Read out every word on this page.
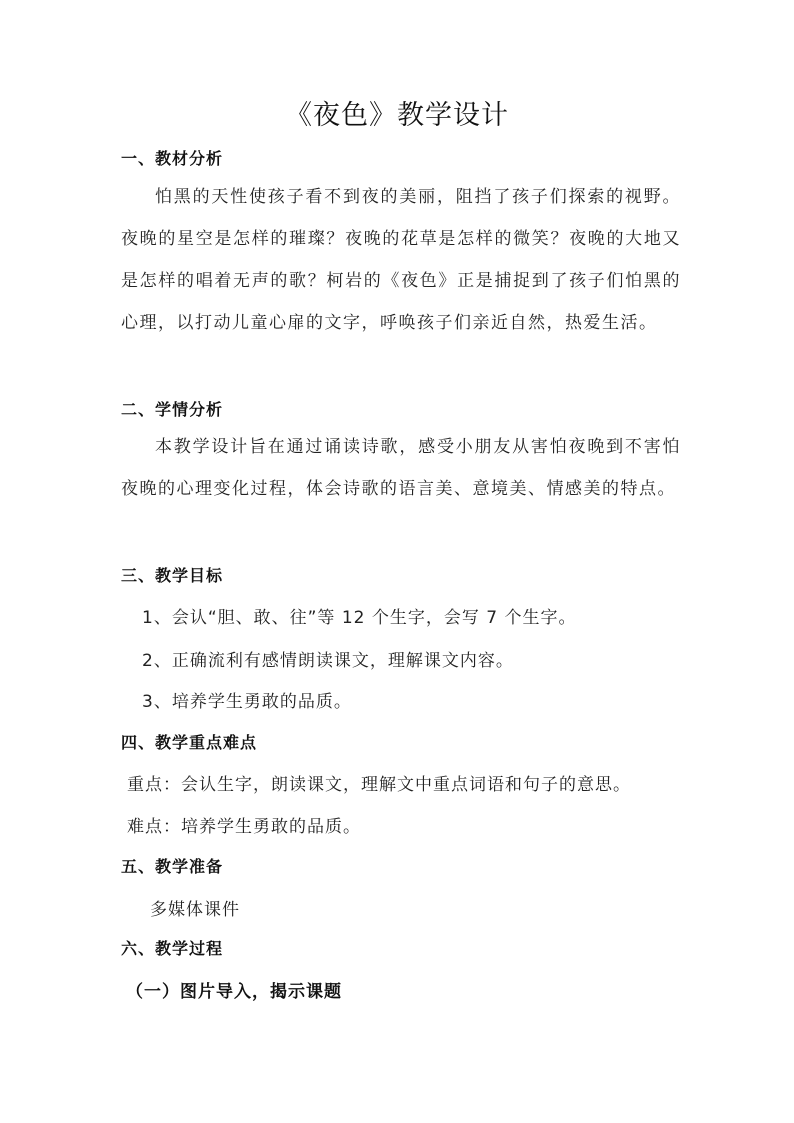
《夜色》教学设计
一、教材分析
怕黑的天性使孩子看不到夜的美丽，阻挡了孩子们探索的视野。夜晚的星空是怎样的璀璨？夜晚的花草是怎样的微笑？夜晚的大地又是怎样的唱着无声的歌？柯岩的《夜色》正是捕捉到了孩子们怕黑的心理，以打动儿童心扉的文字，呼唤孩子们亲近自然，热爱生活。
二、学情分析
本教学设计旨在通过诵读诗歌，感受小朋友从害怕夜晚到不害怕夜晚的心理变化过程，体会诗歌的语言美、意境美、情感美的特点。
三、教学目标
1、会认“胆、敢、往”等 12 个生字，会写 7 个生字。
2、正确流利有感情朗读课文，理解课文内容。
3、培养学生勇敢的品质。
四、教学重点难点
重点：会认生字，朗读课文，理解文中重点词语和句子的意思。
难点：培养学生勇敢的品质。
五、教学准备
多媒体课件
六、教学过程
（一）图片导入，揭示课题
